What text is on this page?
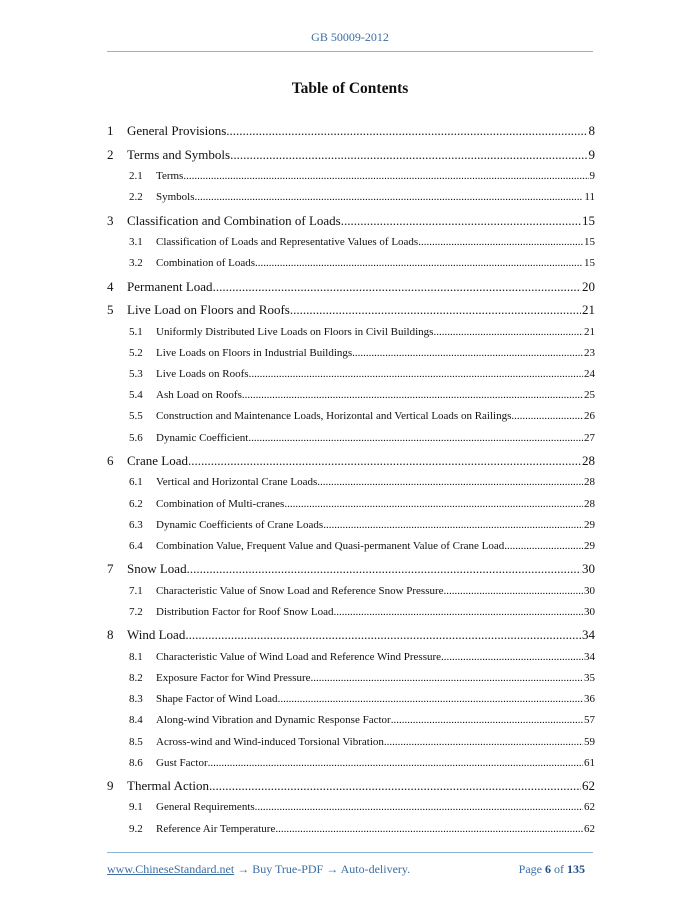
GB 50009-2012
Table of Contents
1	General Provisions .....	8
2	Terms and Symbols .....	9
2.1	Terms .....	9
2.2	Symbols .....	11
3	Classification and Combination of Loads .....	15
3.1	Classification of Loads and Representative Values of Loads .....	15
3.2	Combination of Loads .....	15
4	Permanent Load .....	20
5	Live Load on Floors and Roofs .....	21
5.1	Uniformly Distributed Live Loads on Floors in Civil Buildings .....	21
5.2	Live Loads on Floors in Industrial Buildings .....	23
5.3	Live Loads on Roofs .....	24
5.4	Ash Load on Roofs .....	25
5.5	Construction and Maintenance Loads, Horizontal and Vertical Loads on Railings .....	26
5.6	Dynamic Coefficient .....	27
6	Crane Load .....	28
6.1	Vertical and Horizontal Crane Loads .....	28
6.2	Combination of Multi-cranes .....	28
6.3	Dynamic Coefficients of Crane Loads .....	29
6.4	Combination Value, Frequent Value and Quasi-permanent Value of Crane Load .....	29
7	Snow Load .....	30
7.1	Characteristic Value of Snow Load and Reference Snow Pressure .....	30
7.2	Distribution Factor for Roof Snow Load .....	30
8	Wind Load .....	34
8.1	Characteristic Value of Wind Load and Reference Wind Pressure .....	34
8.2	Exposure Factor for Wind Pressure .....	35
8.3	Shape Factor of Wind Load .....	36
8.4	Along-wind Vibration and Dynamic Response Factor .....	57
8.5	Across-wind and Wind-induced Torsional Vibration .....	59
8.6	Gust Factor .....	61
9	Thermal Action .....	62
9.1	General Requirements .....	62
9.2	Reference Air Temperature .....	62
www.ChineseStandard.net → Buy True-PDF → Auto-delivery.	Page 6 of 135
